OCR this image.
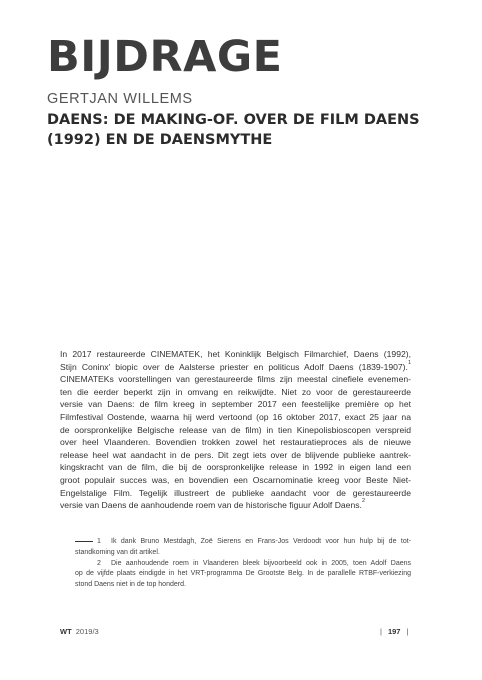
BIJDRAGE
GERTJAN WILLEMS
DAENS: DE MAKING-OF. OVER DE FILM DAENS
(1992) EN DE DAENSMYTHE
In 2017 restaureerde CINEMATEK, het Koninklijk Belgisch Filmarchief, Daens (1992),
Stijn Coninx’ biopic over de Aalsterse priester en politicus Adolf Daens (1839-1907).$^1$
CINEMATEKs voorstellingen van gerestaureerde films zijn meestal cinefiele evenemen-
ten die eerder beperkt zijn in omvang en reikwijdte. Niet zo voor de gerestaureerde
versie van Daens: de film kreeg in september 2017 een feestelijke première op het
Filmfestival Oostende, waarna hij werd vertoond (op 16 oktober 2017, exact 25 jaar na
de oorspronkelijke Belgische release van de film) in tien Kinepolisbioscopen verspreid
over heel Vlaanderen. Bovendien trokken zowel het restauratieproces als de nieuwe
release heel wat aandacht in de pers. Dit zegt iets over de blijvende publieke aantrek-
kingskracht van de film, die bij de oorspronkelijke release in 1992 in eigen land een
groot populair succes was, en bovendien een Oscarnominatie kreeg voor Beste Niet-
Engelstalige Film. Tegelijk illustreert de publieke aandacht voor de gerestaureerde
versie van Daens de aanhoudende roem van de historische figuur Adolf Daens.$^2$
1 Ik dank Bruno Mestdagh, Zoë Sierens en Frans-Jos Verdoodt voor hun hulp bij de tot-
standkoming van dit artikel.
2 Die aanhoudende roem in Vlaanderen bleek bijvoorbeeld ook in 2005, toen Adolf Daens
op de vijfde plaats eindigde in het VRT-programma De Grootste Belg. In de parallelle RTBF-verkiezing
stond Daens niet in de top honderd.
WT 2019/3	| 197 |
